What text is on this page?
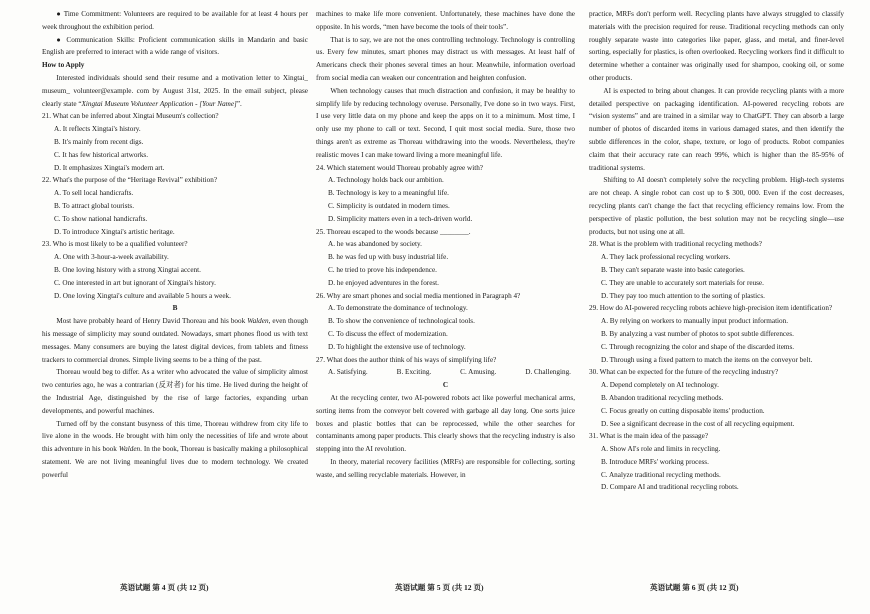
● Time Commitment: Volunteers are required to be available for at least 4 hours per week throughout the exhibition period.

● Communication Skills: Proficient communication skills in Mandarin and basic English are preferred to interact with a wide range of visitors.

How to Apply

Interested individuals should send their resume and a motivation letter to Xingtai_ museum_ volunteer@example. com by August 31st, 2025. In the email subject, please clearly state “Xingtai Museum Volunteer Application - [Your Name]”.

21. What can be inferred about Xingtai Museum's collection?

A. It reflects Xingtai's history.

B. It's mainly from recent digs.

C. It has few historical artworks.

D. It emphasizes Xingtai's modern art.

22. What's the purpose of the “Heritage Revival” exhibition?

A. To sell local handicrafts.

B. To attract global tourists.

C. To show national handicrafts.

D. To introduce Xingtai's artistic heritage.

23. Who is most likely to be a qualified volunteer?

A. One with 3-hour-a-week availability.

B. One loving history with a strong Xingtai accent.

C. One interested in art but ignorant of Xingtai's history.

D. One loving Xingtai's culture and available 5 hours a week.

B

Most have probably heard of Henry David Thoreau and his book Walden, even though his message of simplicity may sound outdated. Nowadays, smart phones flood us with text messages. Many consumers are buying the latest digital devices, from tablets and fitness trackers to commercial drones. Simple living seems to be a thing of the past.

Thoreau would beg to differ. As a writer who advocated the value of simplicity almost two centuries ago, he was a contrarian (反对者) for his time. He lived during the height of the Industrial Age, distinguished by the rise of large factories, expanding urban developments, and powerful machines.

Turned off by the constant busyness of this time, Thoreau withdrew from city life to live alone in the woods. He brought with him only the necessities of life and wrote about this adventure in his book Walden. In the book, Thoreau is basically making a philosophical statement. We are not living meaningful lives due to modern technology. We created powerful

machines to make life more convenient. Unfortunately, these machines have done the opposite. In his words, “men have become the tools of their tools”.

That is to say, we are not the ones controlling technology. Technology is controlling us. Every few minutes, smart phones may distract us with messages. At least half of Americans check their phones several times an hour. Meanwhile, information overload from social media can weaken our concentration and heighten confusion.

When technology causes that much distraction and confusion, it may be healthy to simplify life by reducing technology overuse. Personally, I've done so in two ways. First, I use very little data on my phone and keep the apps on it to a minimum. Most time, I only use my phone to call or text. Second, I quit most social media. Sure, those two things aren't as extreme as Thoreau withdrawing into the woods. Nevertheless, they're realistic moves I can make toward living a more meaningful life.

24. Which statement would Thoreau probably agree with?

A. Technology holds back our ambition.

B. Technology is key to a meaningful life.

C. Simplicity is outdated in modern times.

D. Simplicity matters even in a tech-driven world.

25. Thoreau escaped to the woods because ________.

A. he was abandoned by society.

B. he was fed up with busy industrial life.

C. he tried to prove his independence.

D. he enjoyed adventures in the forest.

26. Why are smart phones and social media mentioned in Paragraph 4?

A. To demonstrate the dominance of technology.

B. To show the convenience of technological tools.

C. To discuss the effect of modernization.

D. To highlight the extensive use of technology.

27. What does the author think of his ways of simplifying life?

A. Satisfying.	B. Exciting.	C. Amusing.	D. Challenging.

C

At the recycling center, two AI-powered robots act like powerful mechanical arms, sorting items from the conveyor belt covered with garbage all day long. One sorts juice boxes and plastic bottles that can be reprocessed, while the other searches for contaminants among paper products. This clearly shows that the recycling industry is also stepping into the AI revolution.

In theory, material recovery facilities (MRFs) are responsible for collecting, sorting waste, and selling recyclable materials. However, in

practice, MRFs don't perform well. Recycling plants have always struggled to classify materials with the precision required for reuse. Traditional recycling methods can only roughly separate waste into categories like paper, glass, and metal, and finer-level sorting, especially for plastics, is often overlooked. Recycling workers find it difficult to determine whether a container was originally used for shampoo, cooking oil, or some other products.

AI is expected to bring about changes. It can provide recycling plants with a more detailed perspective on packaging identification. AI-powered recycling robots are “vision systems” and are trained in a similar way to ChatGPT. They can absorb a large number of photos of discarded items in various damaged states, and then identify the subtle differences in the color, shape, texture, or logo of products. Robot companies claim that their accuracy rate can reach 99%, which is higher than the 85-95% of traditional systems.

Shifting to AI doesn't completely solve the recycling problem. High-tech systems are not cheap. A single robot can cost up to $ 300, 000. Even if the cost decreases, recycling plants can't change the fact that recycling efficiency remains low. From the perspective of plastic pollution, the best solution may not be recycling single—use products, but not using one at all.

28. What is the problem with traditional recycling methods?

A. They lack professional recycling workers.

B. They can't separate waste into basic categories.

C. They are unable to accurately sort materials for reuse.

D. They pay too much attention to the sorting of plastics.

29. How do AI-powered recycling robots achieve high-precision item identification?

A. By relying on workers to manually input product information.

B. By analyzing a vast number of photos to spot subtle differences.

C. Through recognizing the color and shape of the discarded items.

D. Through using a fixed pattern to match the items on the conveyor belt.

30. What can be expected for the future of the recycling industry?

A. Depend completely on AI technology.

B. Abandon traditional recycling methods.

C. Focus greatly on cutting disposable items' production.

D. See a significant decrease in the cost of all recycling equipment.

31. What is the main idea of the passage?

A. Show AI's role and limits in recycling.

B. Introduce MRFs' working process.

C. Analyze traditional recycling methods.

D. Compare AI and traditional recycling robots.

英语试题 第 4 页 (共 12 页)	英语试题 第 5 页 (共 12 页)	英语试题 第 6 页 (共 12 页)
